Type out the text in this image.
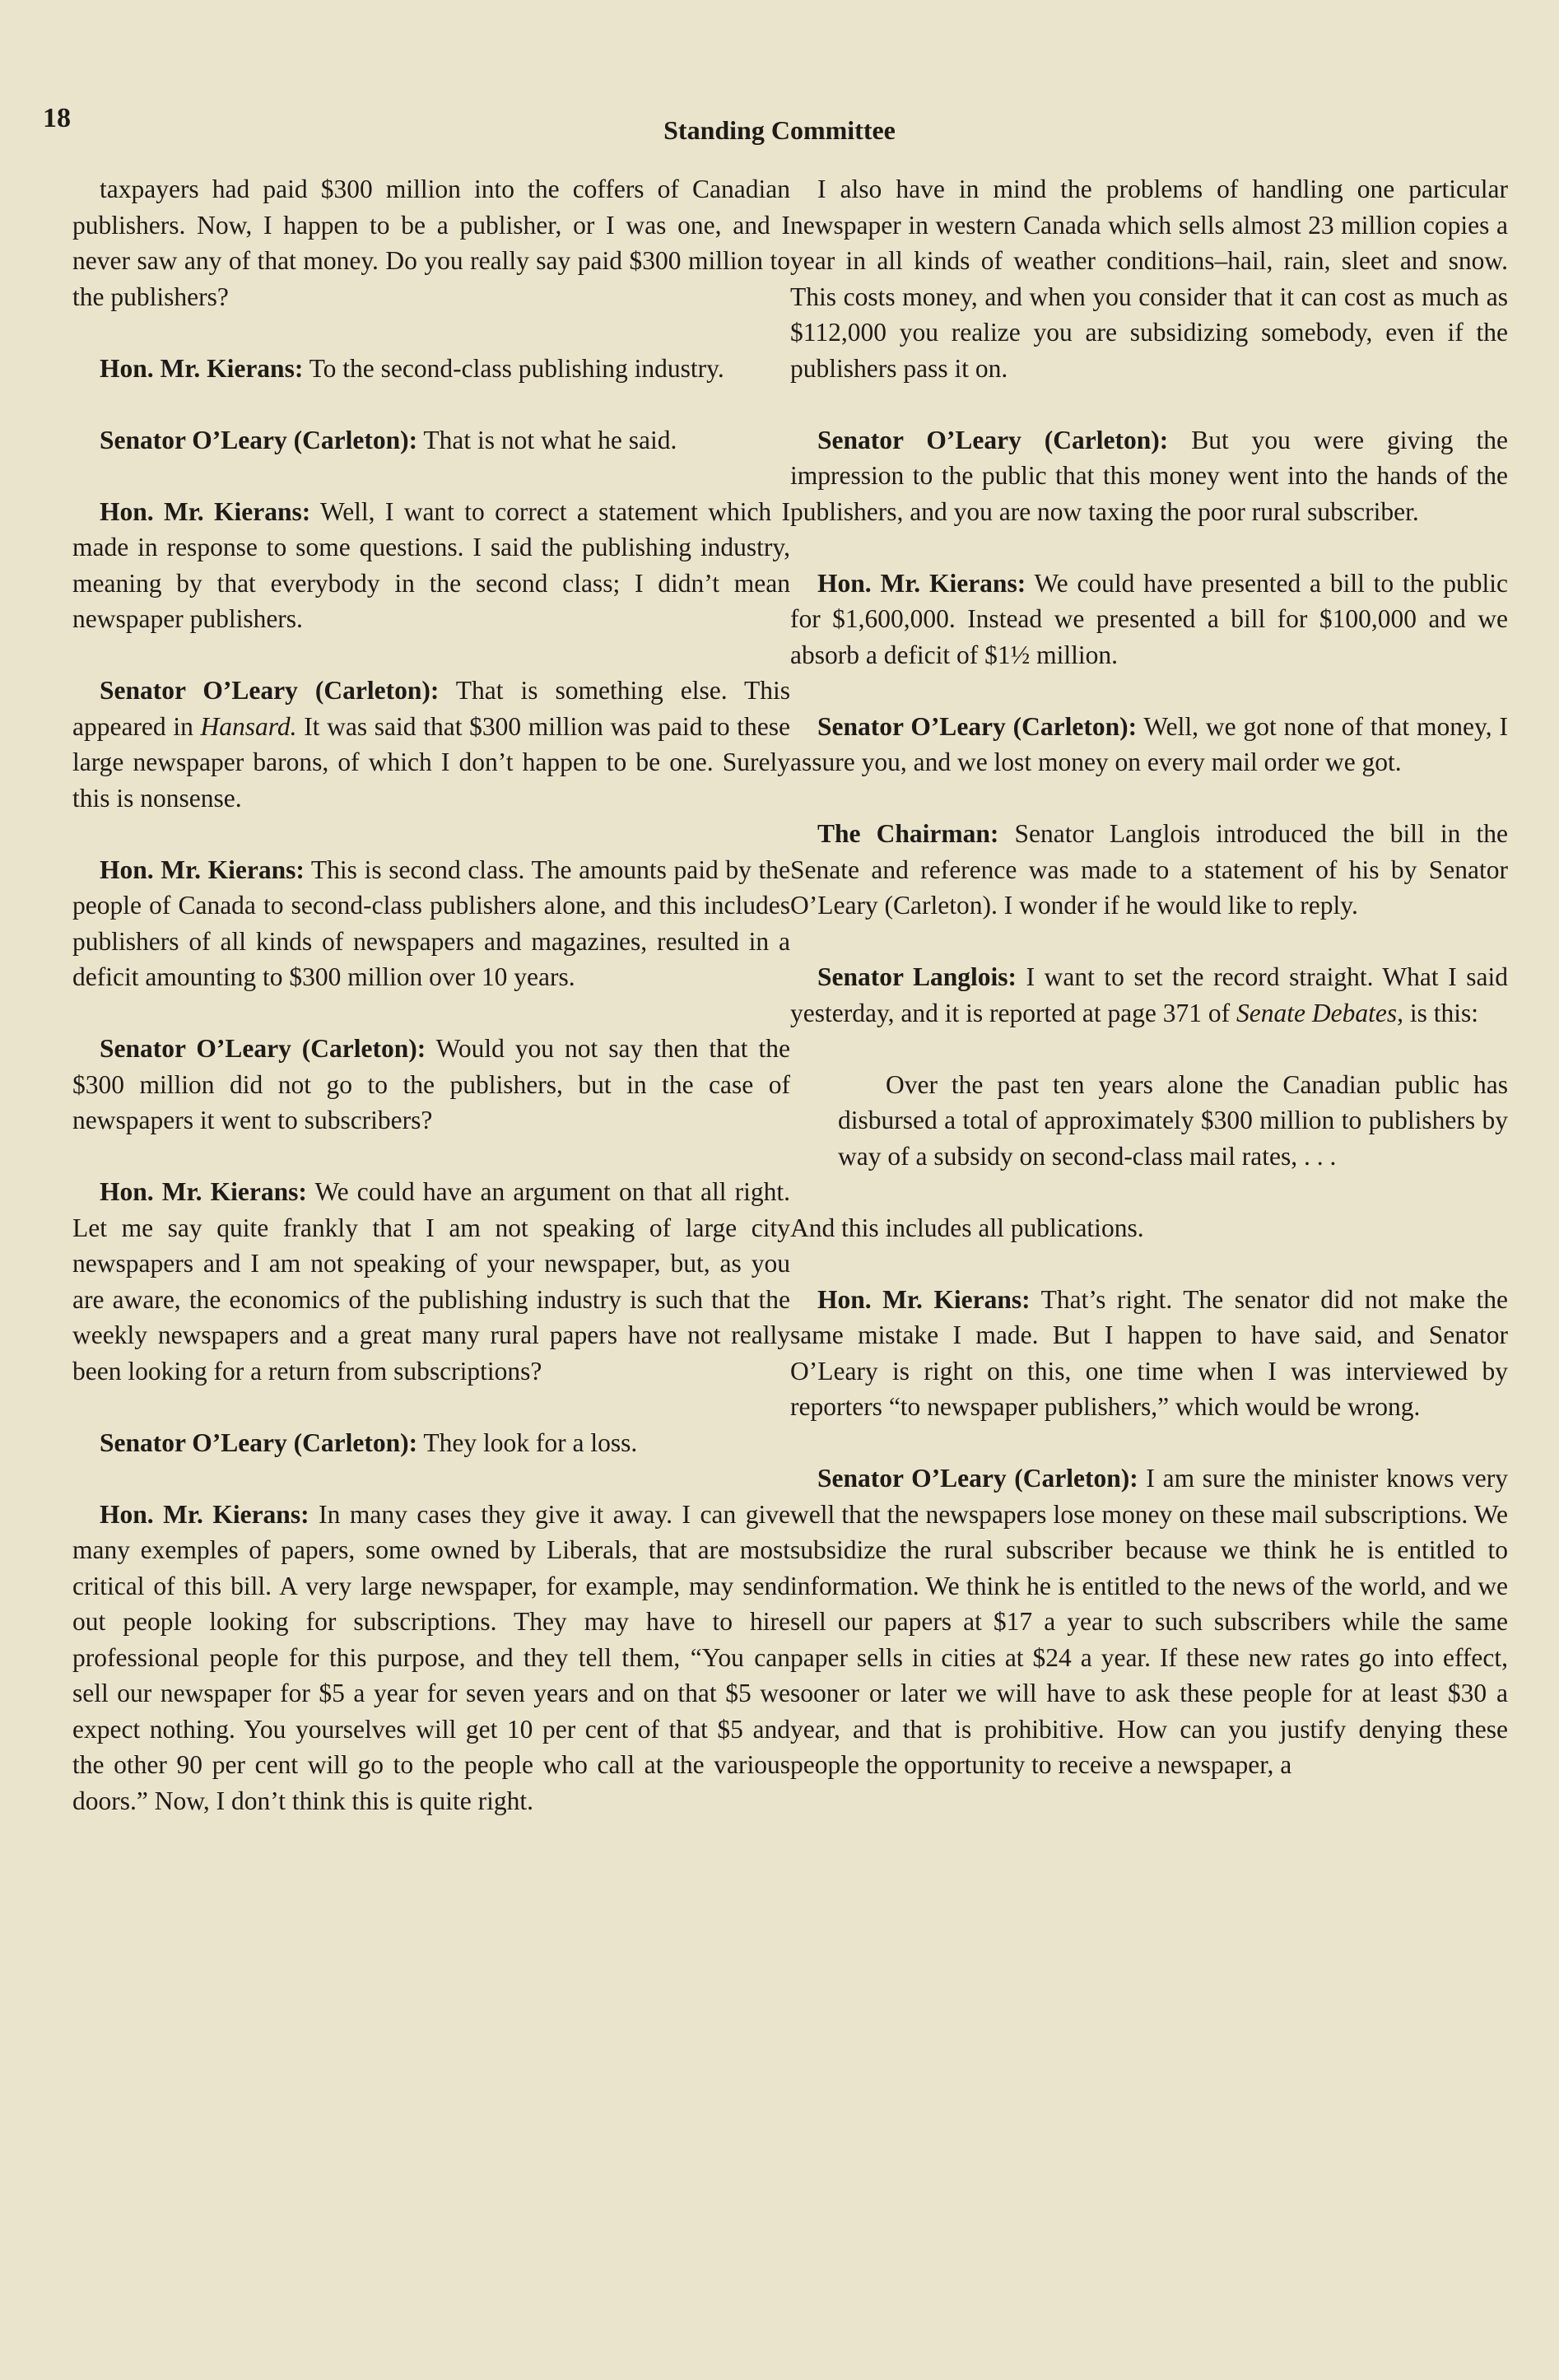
18	Standing Committee

taxpayers had paid $300 million into the coffers of Canadian publishers. Now, I happen to be a publisher, or I was one, and I never saw any of that money. Do you really say paid $300 million to the publishers?

Hon. Mr. Kierans: To the second-class publishing industry.

Senator O’Leary (Carleton): That is not what he said.

Hon. Mr. Kierans: Well, I want to correct a statement which I made in response to some questions. I said the publishing industry, meaning by that everybody in the second class; I didn’t mean newspaper publishers.

Senator O’Leary (Carleton): That is something else. This appeared in Hansard. It was said that $300 million was paid to these large newspaper barons, of which I don’t happen to be one. Surely this is nonsense.

Hon. Mr. Kierans: This is second class. The amounts paid by the people of Canada to second-class publishers alone, and this includes publishers of all kinds of newspapers and magazines, resulted in a deficit amounting to $300 million over 10 years.

Senator O’Leary (Carleton): Would you not say then that the $300 million did not go to the publishers, but in the case of newspapers it went to subscribers?

Hon. Mr. Kierans: We could have an argument on that all right. Let me say quite frankly that I am not speaking of large city newspapers and I am not speaking of your newspaper, but, as you are aware, the economics of the publishing industry is such that the weekly newspapers and a great many rural papers have not really been looking for a return from subscriptions?

Senator O’Leary (Carleton): They look for a loss.

Hon. Mr. Kierans: In many cases they give it away. I can give many exemples of papers, some owned by Liberals, that are most critical of this bill. A very large newspaper, for example, may send out people looking for subscriptions. They may have to hire professional people for this purpose, and they tell them, “You can sell our newspaper for $5 a year for seven years and on that $5 we expect nothing. You yourselves will get 10 per cent of that $5 and the other 90 per cent will go to the people who call at the various doors.” Now, I don’t think this is quite right.

I also have in mind the problems of handling one particular newspaper in western Canada which sells almost 23 million copies a year in all kinds of weather conditions–hail, rain, sleet and snow. This costs money, and when you consider that it can cost as much as $112,000 you realize you are subsidizing somebody, even if the publishers pass it on.

Senator O’Leary (Carleton): But you were giving the impression to the public that this money went into the hands of the publishers, and you are now taxing the poor rural subscriber.

Hon. Mr. Kierans: We could have presented a bill to the public for $1,600,000. Instead we presented a bill for $100,000 and we absorb a deficit of $1½ million.

Senator O’Leary (Carleton): Well, we got none of that money, I assure you, and we lost money on every mail order we got.

The Chairman: Senator Langlois introduced the bill in the Senate and reference was made to a statement of his by Senator O’Leary (Carleton). I wonder if he would like to reply.

Senator Langlois: I want to set the record straight. What I said yesterday, and it is reported at page 371 of Senate Debates, is this:

Over the past ten years alone the Canadian public has disbursed a total of approximately $300 million to publishers by way of a subsidy on second-class mail rates, . . .

And this includes all publications.

Hon. Mr. Kierans: That’s right. The senator did not make the same mistake I made. But I happen to have said, and Senator O’Leary is right on this, one time when I was interviewed by reporters “to newspaper publishers,” which would be wrong.

Senator O’Leary (Carleton): I am sure the minister knows very well that the newspapers lose money on these mail subscriptions. We subsidize the rural subscriber because we think he is entitled to information. We think he is entitled to the news of the world, and we sell our papers at $17 a year to such subscribers while the same paper sells in cities at $24 a year. If these new rates go into effect, sooner or later we will have to ask these people for at least $30 a year, and that is prohibitive. How can you justify denying these people the opportunity to receive a newspaper, a
